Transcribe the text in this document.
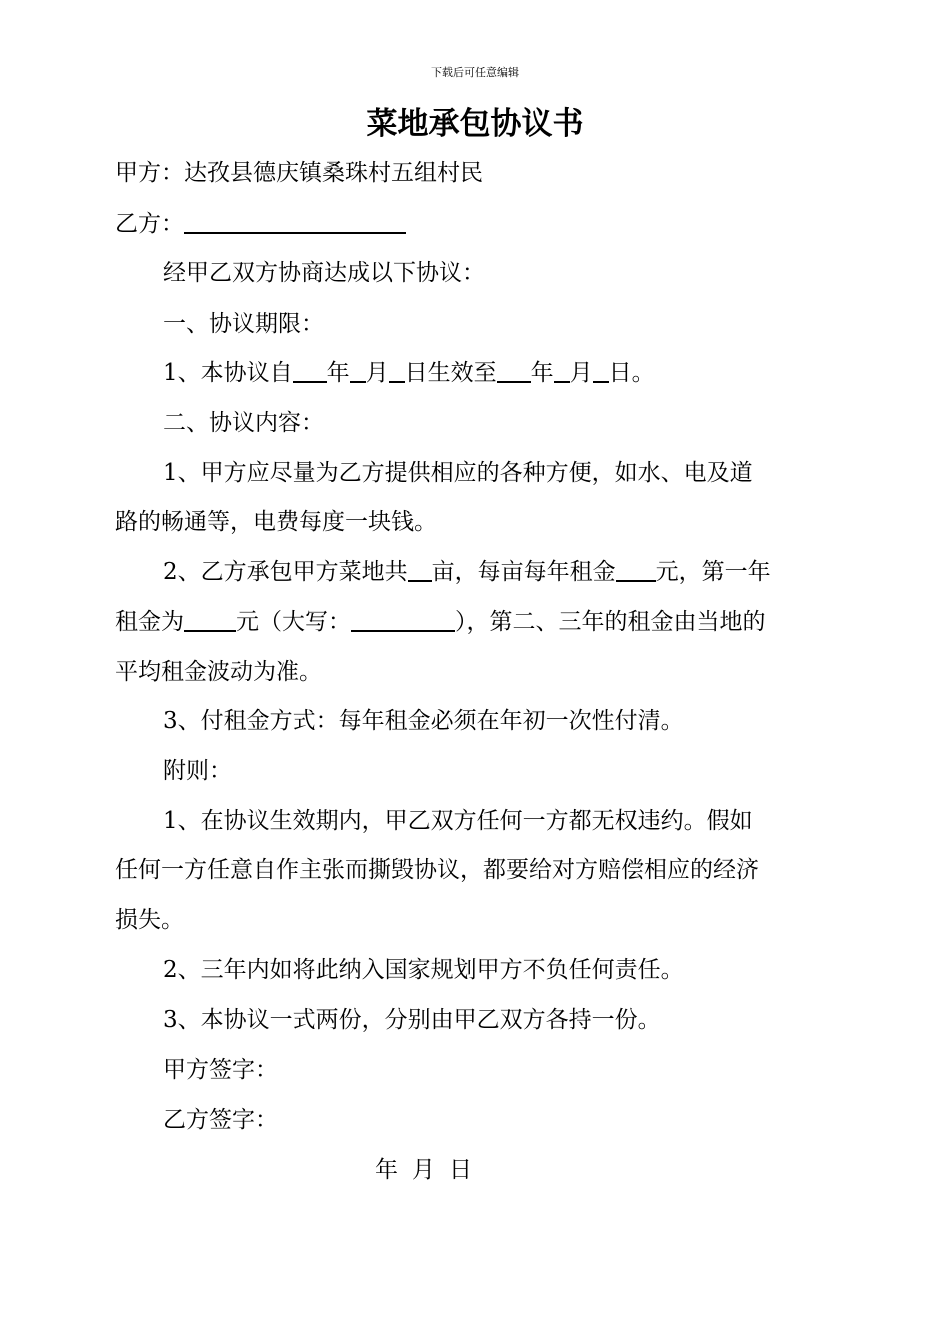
下载后可任意编辑
菜地承包协议书
甲方：达孜县德庆镇桑珠村五组村民
乙方：
经甲乙双方协商达成以下协议：
一、协议期限：
1、本协议自 年 月 日生效至 年 月 日。
二、协议内容：
1、甲方应尽量为乙方提供相应的各种方便，如水、电及道
路的畅通等，电费每度一块钱。
2、乙方承包甲方菜地共 亩，每亩每年租金 元，第一年
租金为 元（大写：	），第二、三年的租金由当地的
平均租金波动为准。
3、付租金方式：每年租金必须在年初一次性付清。
附则：
1、在协议生效期内，甲乙双方任何一方都无权违约。假如
任何一方任意自作主张而撕毁协议，都要给对方赔偿相应的经济
损失。
2、三年内如将此纳入国家规划甲方不负任何责任。
3、本协议一式两份，分别由甲乙双方各持一份。
甲方签字：
乙方签字：
年 月 日
